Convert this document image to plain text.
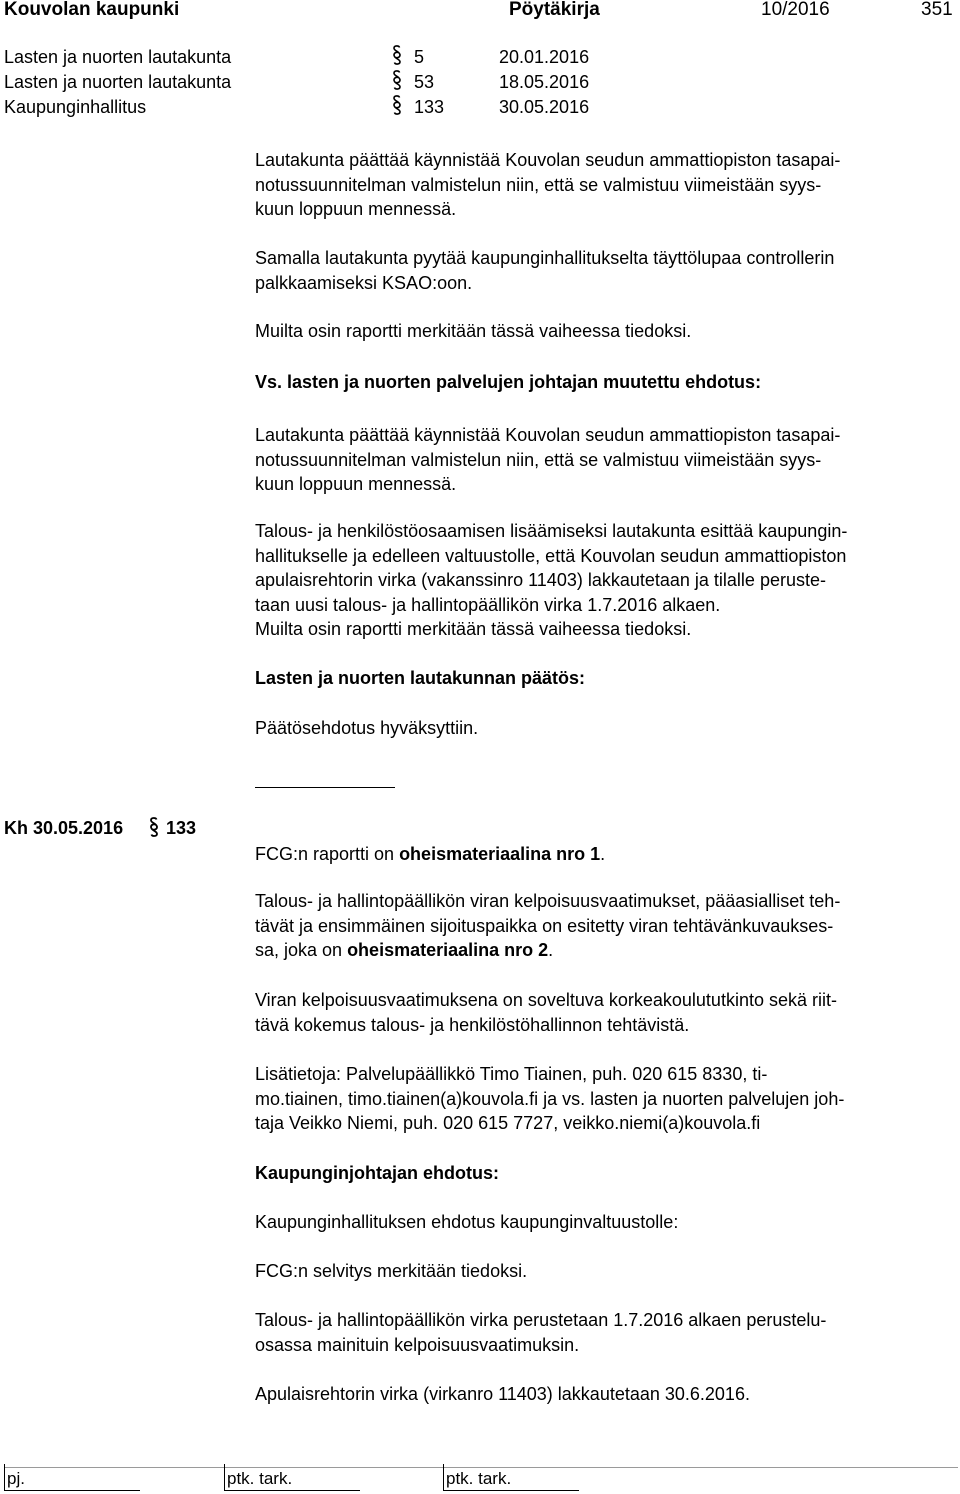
Kouvolan kaupunki	Pöytäkirja	10/2016	351
Lasten ja nuorten lautakunta	5	20.01.2016
Lasten ja nuorten lautakunta	53	18.05.2016
Kaupunginhallitus	133	30.05.2016

Lautakunta päättää käynnistää Kouvolan seudun ammattiopiston tasapai-

notussuunnitelman valmistelun niin, että se valmistuu viimeistään syys-

kuun loppuun mennessä.

Samalla lautakunta pyytää kaupunginhallitukselta täyttölupaa controllerin

palkkaamiseksi KSAO:oon.

Muilta osin raportti merkitään tässä vaiheessa tiedoksi.

Vs. lasten ja nuorten palvelujen johtajan muutettu ehdotus:

Lautakunta päättää käynnistää Kouvolan seudun ammattiopiston tasapai-

notussuunnitelman valmistelun niin, että se valmistuu viimeistään syys-

kuun loppuun mennessä.

Talous- ja henkilöstöosaamisen lisäämiseksi lautakunta esittää kaupungin-

hallitukselle ja edelleen valtuustolle, että Kouvolan seudun ammattiopiston

apulaisrehtorin virka (vakanssinro 11403) lakkautetaan ja tilalle peruste-

taan uusi talous- ja hallintopäällikön virka 1.7.2016 alkaen.

Muilta osin raportti merkitään tässä vaiheessa tiedoksi.

Lasten ja nuorten lautakunnan päätös:

Päätösehdotus hyväksyttiin.

Kh 30.05.2016 133

FCG:n raportti on oheismateriaalina nro 1.

Talous- ja hallintopäällikön viran kelpoisuusvaatimukset, pääasialliset teh-

tävät ja ensimmäinen sijoituspaikka on esitetty viran tehtävänkuvaukses-

sa, joka on oheismateriaalina nro 2.

Viran kelpoisuusvaatimuksena on soveltuva korkeakoulututkinto sekä riit-

tävä kokemus talous- ja henkilöstöhallinnon tehtävistä.

Lisätietoja: Palvelupäällikkö Timo Tiainen, puh. 020 615 8330, ti-

mo.tiainen, timo.tiainen(a)kouvola.fi ja vs. lasten ja nuorten palvelujen joh-

taja Veikko Niemi, puh. 020 615 7727, veikko.niemi(a)kouvola.fi

Kaupunginjohtajan ehdotus:

Kaupunginhallituksen ehdotus kaupunginvaltuustolle:

FCG:n selvitys merkitään tiedoksi.

Talous- ja hallintopäällikön virka perustetaan 1.7.2016 alkaen perustelu-

osassa mainituin kelpoisuusvaatimuksin.

Apulaisrehtorin virka (virkanro 11403) lakkautetaan 30.6.2016.

pj.	ptk. tark.	ptk. tark.
